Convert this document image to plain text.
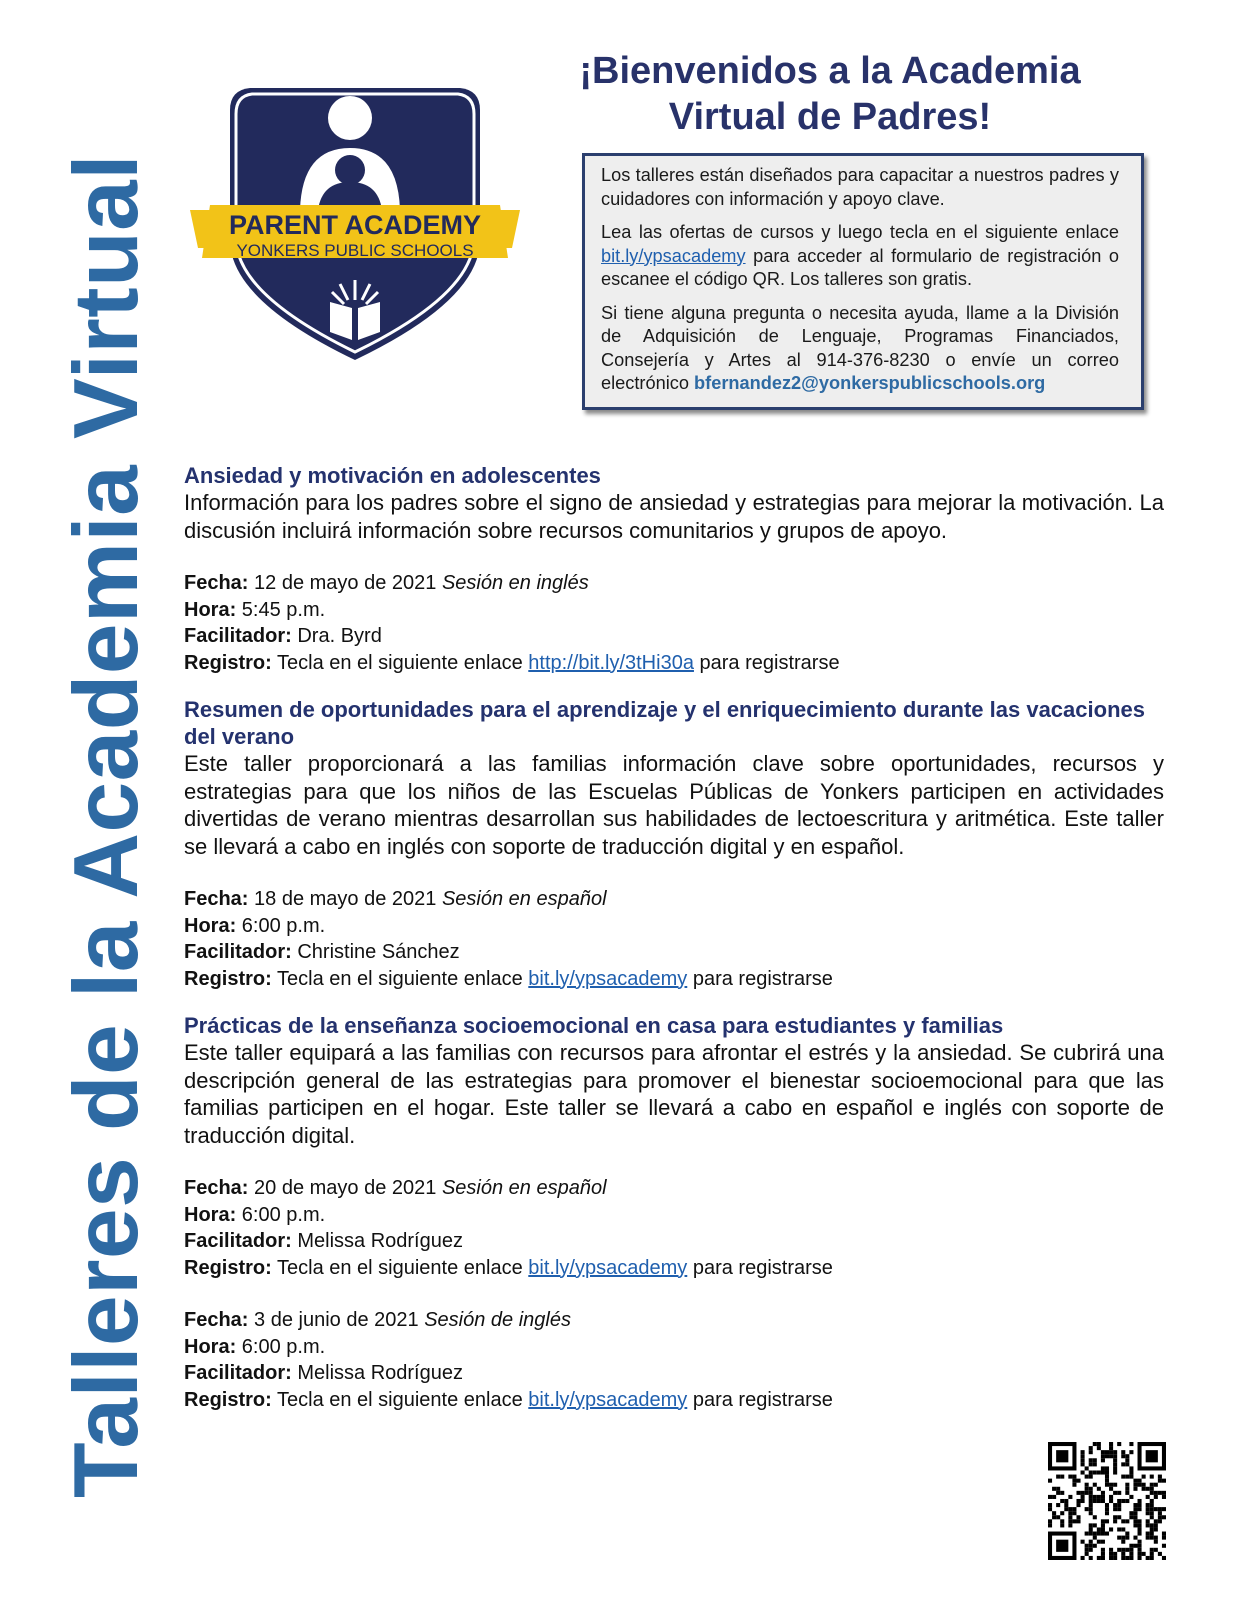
Talleres de la Academia Virtual	PARENT ACADEMY
YONKERS PUBLIC SCHOOLS
¡Bienvenidos a la Academia
Virtual de Padres!

Los talleres están diseñados para capacitar a nuestros padres y cuidadores con información y apoyo clave.

Lea las ofertas de cursos y luego tecla en el siguiente enlace bit.ly/ypsacademy para acceder al formulario de registración o escanee el código QR. Los talleres son gratis.

Si tiene alguna pregunta o necesita ayuda, llame a la División de Adquisición de Lenguaje, Programas Financiados, Consejería y Artes al 914-376-8230 o envíe un correo electrónico bfernandez2@yonkerspublicschools.org

Ansiedad y motivación en adolescentes

Información para los padres sobre el signo de ansiedad y estrategias para mejorar la motivación. La discusión incluirá información sobre recursos comunitarios y grupos de apoyo.

Fecha: 12 de mayo de 2021 Sesión en inglés
Hora: 5:45 p.m.
Facilitador: Dra. Byrd
Registro: Tecla en el siguiente enlace http://bit.ly/3tHi30a para registrarse

Resumen de oportunidades para el aprendizaje y el enriquecimiento durante las vacaciones del verano

Este taller proporcionará a las familias información clave sobre oportunidades, recursos y estrategias para que los niños de las Escuelas Públicas de Yonkers participen en actividades divertidas de verano mientras desarrollan sus habilidades de lectoescritura y aritmética. Este taller se llevará a cabo en inglés con soporte de traducción digital y en español.

Fecha: 18 de mayo de 2021 Sesión en español
Hora: 6:00 p.m.
Facilitador: Christine Sánchez
Registro: Tecla en el siguiente enlace bit.ly/ypsacademy para registrarse

Prácticas de la enseñanza socioemocional en casa para estudiantes y familias

Este taller equipará a las familias con recursos para afrontar el estrés y la ansiedad. Se cubrirá una descripción general de las estrategias para promover el bienestar socioemocional para que las familias participen en el hogar. Este taller se llevará a cabo en español e inglés con soporte de traducción digital.

Fecha: 20 de mayo de 2021 Sesión en español
Hora: 6:00 p.m.
Facilitador: Melissa Rodríguez
Registro: Tecla en el siguiente enlace bit.ly/ypsacademy para registrarse
Fecha: 3 de junio de 2021 Sesión de inglés
Hora: 6:00 p.m.
Facilitador: Melissa Rodríguez
Registro: Tecla en el siguiente enlace bit.ly/ypsacademy para registrarse
